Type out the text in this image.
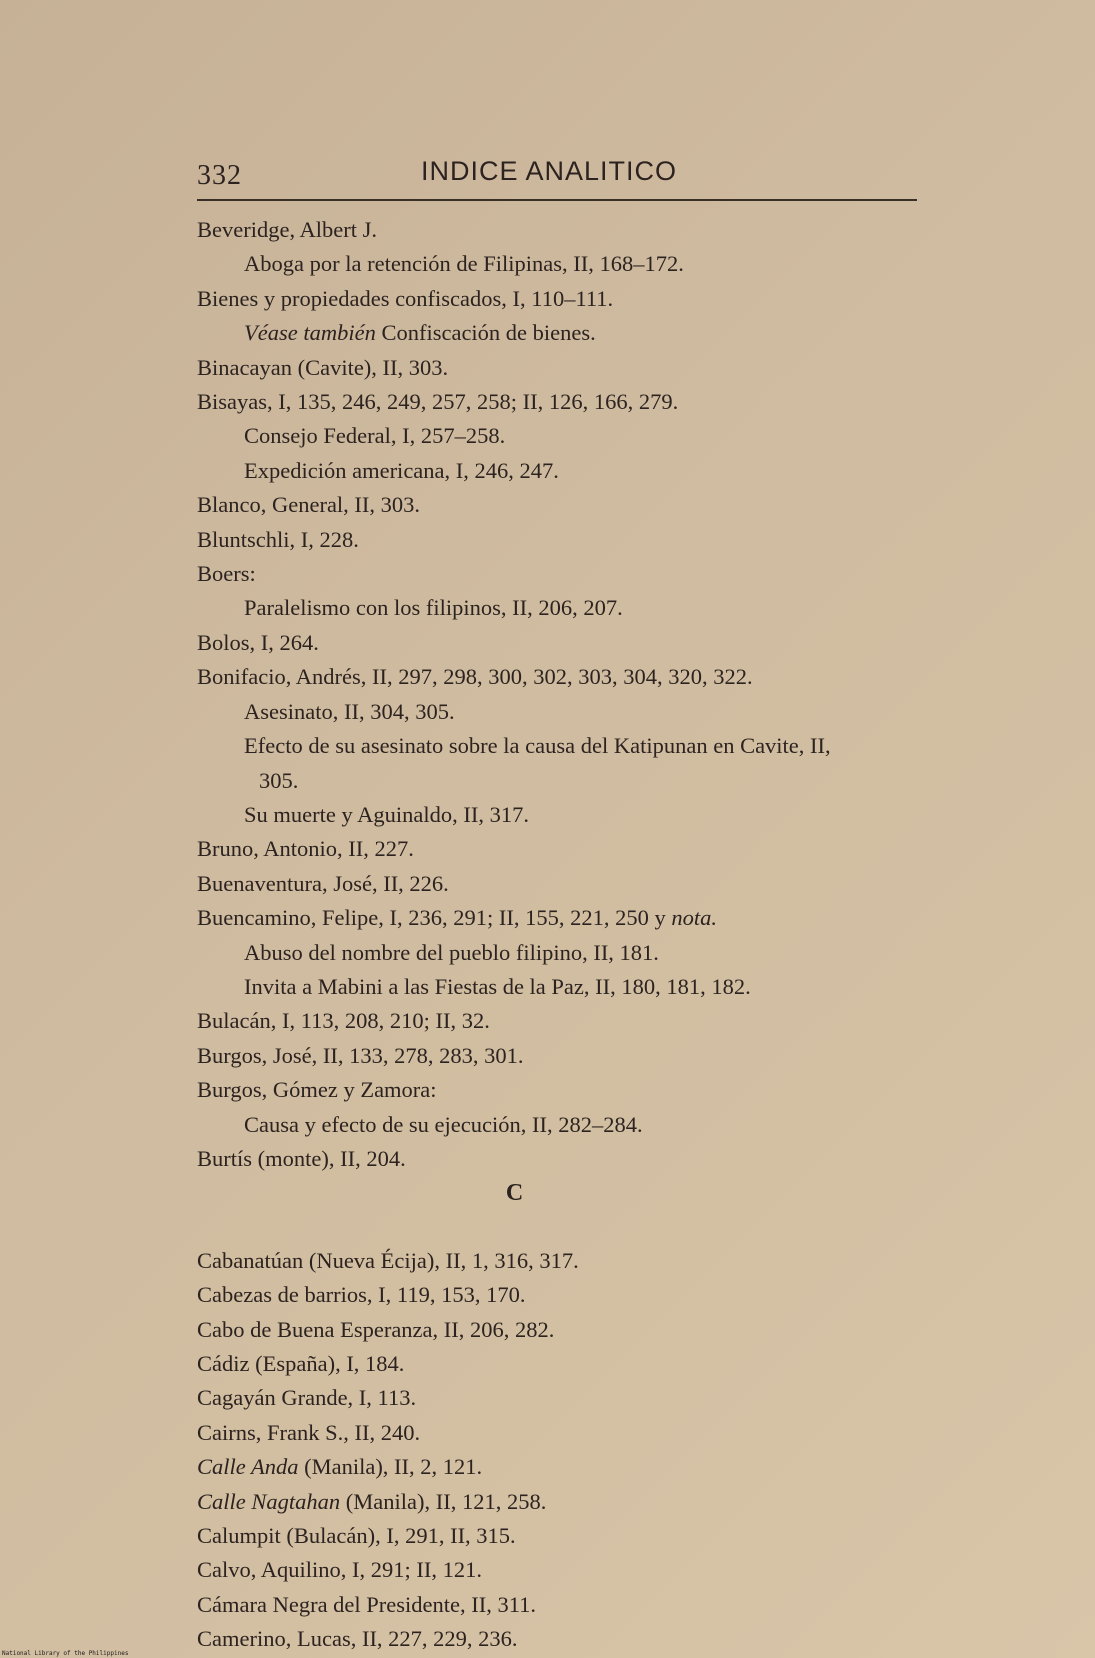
332	INDICE ANALITICO
Beveridge, Albert J.
Aboga por la retención de Filipinas, II, 168–172.
Bienes y propiedades confiscados, I, 110–111.
Véase también Confiscación de bienes.
Binacayan (Cavite), II, 303.
Bisayas, I, 135, 246, 249, 257, 258; II, 126, 166, 279.
Consejo Federal, I, 257–258.
Expedición americana, I, 246, 247.
Blanco, General, II, 303.
Bluntschli, I, 228.
Boers:
Paralelismo con los filipinos, II, 206, 207.
Bolos, I, 264.
Bonifacio, Andrés, II, 297, 298, 300, 302, 303, 304, 320, 322.
Asesinato, II, 304, 305.
Efecto de su asesinato sobre la causa del Katipunan en Cavite, II,
305.
Su muerte y Aguinaldo, II, 317.
Bruno, Antonio, II, 227.
Buenaventura, José, II, 226.
Buencamino, Felipe, I, 236, 291; II, 155, 221, 250 y nota.
Abuso del nombre del pueblo filipino, II, 181.
Invita a Mabini a las Fiestas de la Paz, II, 180, 181, 182.
Bulacán, I, 113, 208, 210; II, 32.
Burgos, José, II, 133, 278, 283, 301.
Burgos, Gómez y Zamora:
Causa y efecto de su ejecución, II, 282–284.
Burtís (monte), II, 204.
C
Cabanatúan (Nueva Écija), II, 1, 316, 317.
Cabezas de barrios, I, 119, 153, 170.
Cabo de Buena Esperanza, II, 206, 282.
Cádiz (España), I, 184.
Cagayán Grande, I, 113.
Cairns, Frank S., II, 240.
Calle Anda (Manila), II, 2, 121.
Calle Nagtahan (Manila), II, 121, 258.
Calumpit (Bulacán), I, 291, II, 315.
Calvo, Aquilino, I, 291; II, 121.
Cámara Negra del Presidente, II, 311.
Camerino, Lucas, II, 227, 229, 236.
National Library of the Philippines
